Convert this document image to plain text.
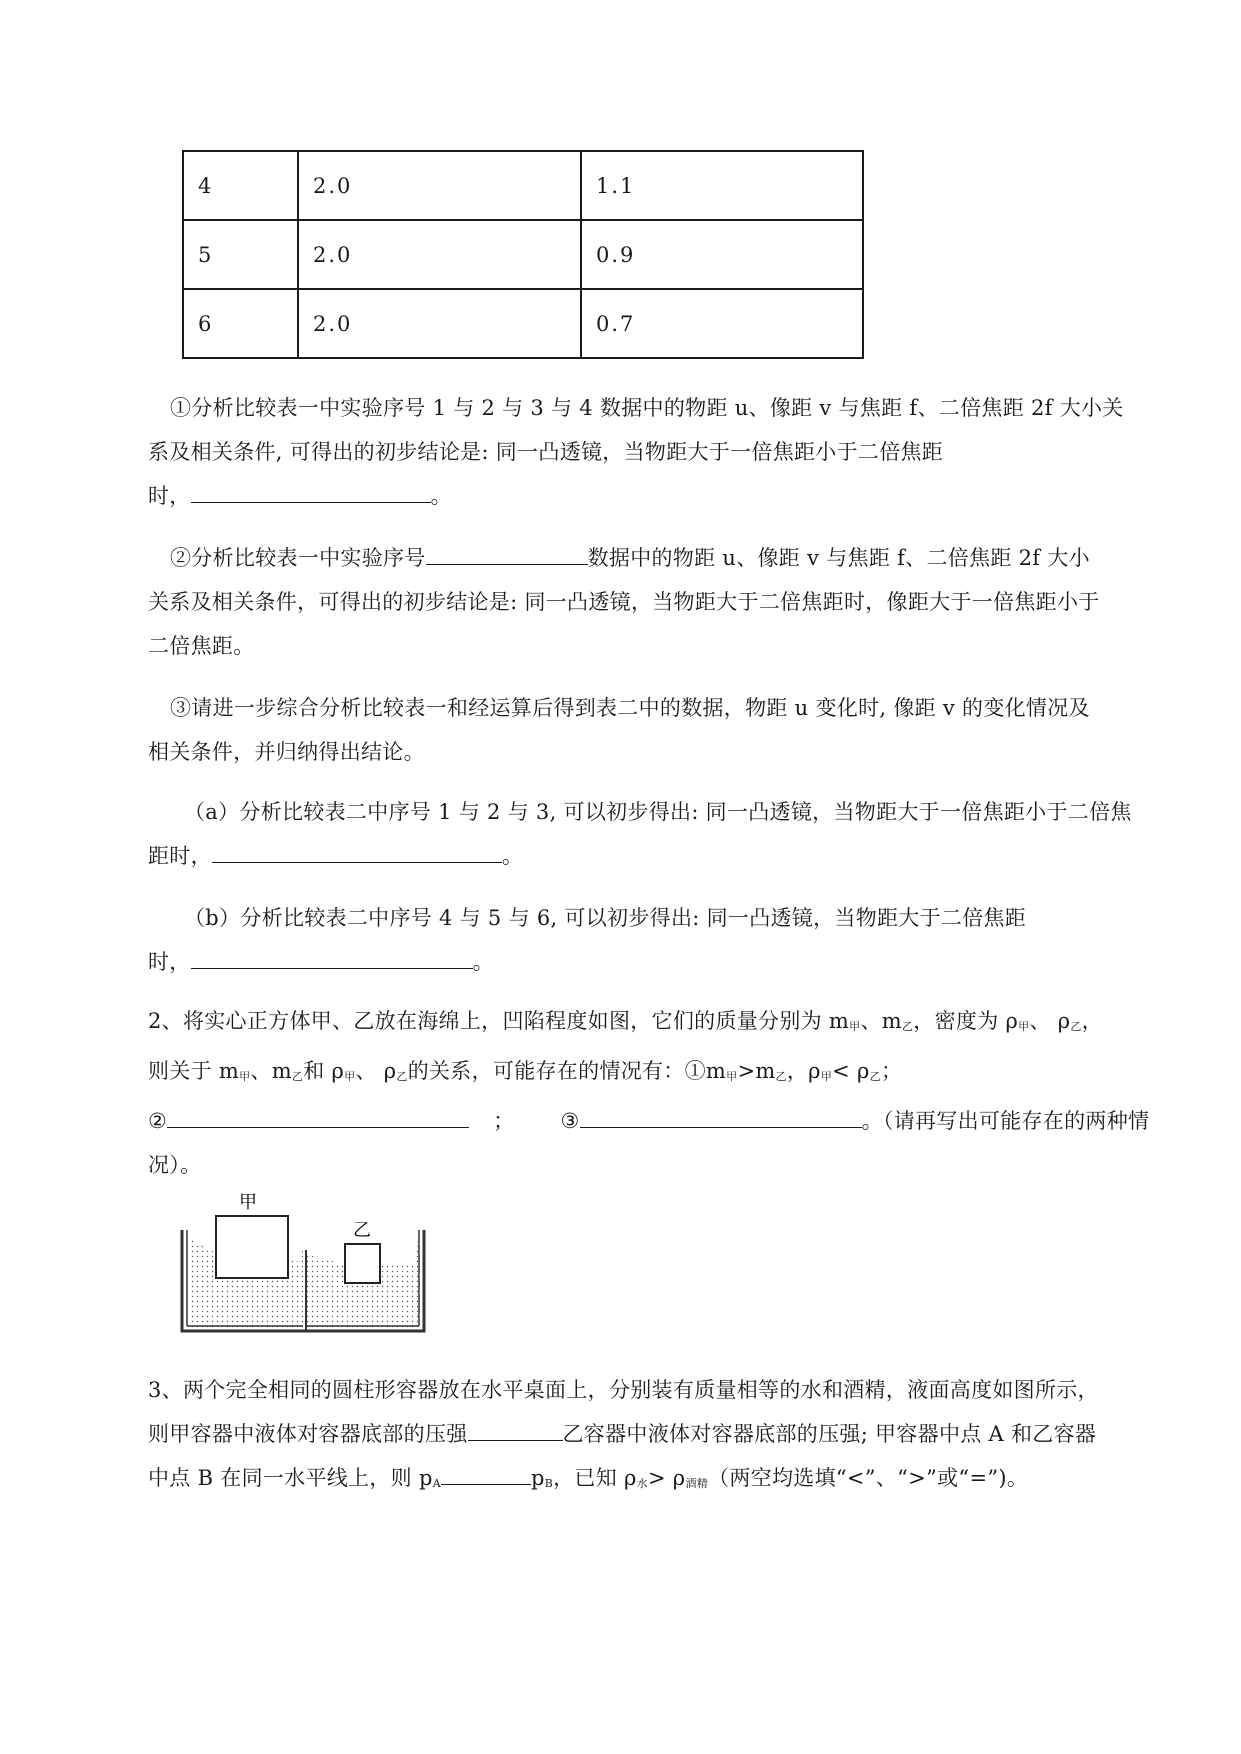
4	2.0	1.1
5	2.0	0.9
6	2.0	0.7
①分析比较表一中实验序号 1 与 2 与 3 与 4 数据中的物距 u、像距 v 与焦距 f、二倍焦距 2f 大小关
系及相关条件, 可得出的初步结论是: 同一凸透镜，当物距大于一倍焦距小于二倍焦距
时，	。
②分析比较表一中实验序号	数据中的物距 u、像距 v 与焦距 f、二倍焦距 2f 大小
关系及相关条件，可得出的初步结论是: 同一凸透镜，当物距大于二倍焦距时，像距大于一倍焦距小于
二倍焦距。
③请进一步综合分析比较表一和经运算后得到表二中的数据，物距 u 变化时, 像距 v 的变化情况及
相关条件，并归纳得出结论。
（a）分析比较表二中序号 1 与 2 与 3, 可以初步得出: 同一凸透镜，当物距大于一倍焦距小于二倍焦
距时，	。
（b）分析比较表二中序号 4 与 5 与 6, 可以初步得出: 同一凸透镜，当物距大于二倍焦距
时，	。
2、将实心正方体甲、乙放在海绵上，凹陷程度如图，它们的质量分别为 $m_甲$、$m_乙$，密度为 $\rho_甲$、 $\rho_乙$，
则关于 $m_甲$、$m_乙$和 $\rho_甲$、 $\rho_乙$的关系，可能存在的情况有：$①m_甲>m_乙$，$\rho_甲< \rho_乙$；
②	； ③	。（请再写出可能存在的两种情
况）。
甲
乙
3、两个完全相同的圆柱形容器放在水平桌面上，分别装有质量相等的水和酒精，液面高度如图所示，
则甲容器中液体对容器底部的压强	乙容器中液体对容器底部的压强; 甲容器中点 A 和乙容器
中点 B 在同一水平线上，则 $p_A$	$p_B$，已知 $\rho_水> \rho_{酒精}$（两空均选填“<”、“>”或“=”)。
